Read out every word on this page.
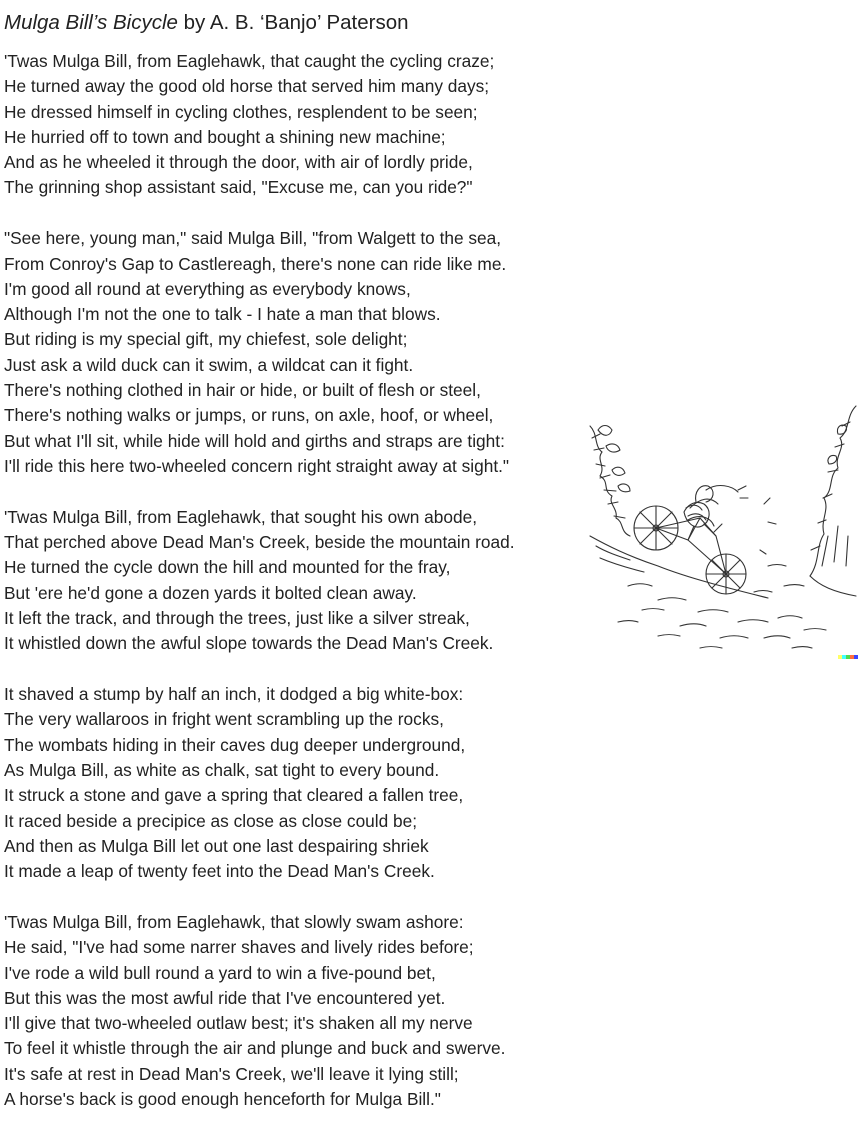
Mulga Bill’s Bicycle by A. B. ‘Banjo’ Paterson
'Twas Mulga Bill, from Eaglehawk, that caught the cycling craze;
He turned away the good old horse that served him many days;
He dressed himself in cycling clothes, resplendent to be seen;
He hurried off to town and bought a shining new machine;
And as he wheeled it through the door, with air of lordly pride,
The grinning shop assistant said, "Excuse me, can you ride?"
"See here, young man," said Mulga Bill, "from Walgett to the sea,
From Conroy's Gap to Castlereagh, there's none can ride like me.
I'm good all round at everything as everybody knows,
Although I'm not the one to talk - I hate a man that blows.
But riding is my special gift, my chiefest, sole delight;
Just ask a wild duck can it swim, a wildcat can it fight.
There's nothing clothed in hair or hide, or built of flesh or steel,
There's nothing walks or jumps, or runs, on axle, hoof, or wheel,
But what I'll sit, while hide will hold and girths and straps are tight:
I'll ride this here two-wheeled concern right straight away at sight."
'Twas Mulga Bill, from Eaglehawk, that sought his own abode,
That perched above Dead Man's Creek, beside the mountain road.
He turned the cycle down the hill and mounted for the fray,
But 'ere he'd gone a dozen yards it bolted clean away.
It left the track, and through the trees, just like a silver streak,
It whistled down the awful slope towards the Dead Man's Creek.
It shaved a stump by half an inch, it dodged a big white-box:
The very wallaroos in fright went scrambling up the rocks,
The wombats hiding in their caves dug deeper underground,
As Mulga Bill, as white as chalk, sat tight to every bound.
It struck a stone and gave a spring that cleared a fallen tree,
It raced beside a precipice as close as close could be;
And then as Mulga Bill let out one last despairing shriek
It made a leap of twenty feet into the Dead Man's Creek.
'Twas Mulga Bill, from Eaglehawk, that slowly swam ashore:
He said, "I've had some narrer shaves and lively rides before;
I've rode a wild bull round a yard to win a five-pound bet,
But this was the most awful ride that I've encountered yet.
I'll give that two-wheeled outlaw best; it's shaken all my nerve
To feel it whistle through the air and plunge and buck and swerve.
It's safe at rest in Dead Man's Creek, we'll leave it lying still;
A horse's back is good enough henceforth for Mulga Bill."
